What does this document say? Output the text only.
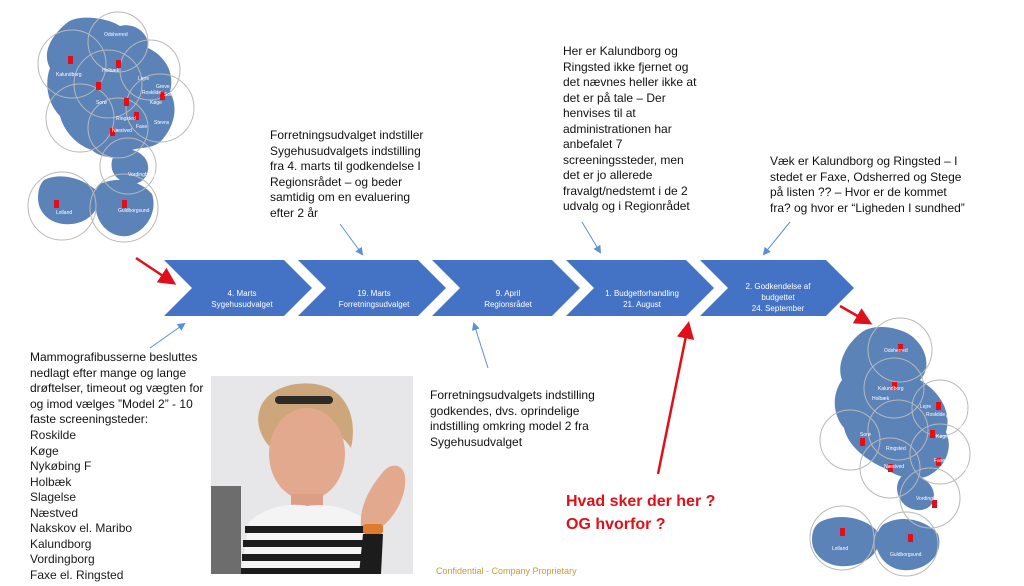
Odsherred
Kalundborg
Holbæk
Lejre
Roskilde
Greve
Sorø
Ringsted
Køge
Solrød
Næstved
Faxe
Stevns
Vordingborg
Lolland	Guldborgsund
Odsherred
Kalundborg
Holbæk
Lejre
Roskilde Greve
Sorø
Ringsted
Køge
Solrød
Næstved
Faxe
Stevns
Vordingborg
Lolland
Guldborgsund

4. Marts
Sygehusudvalget

19. Marts
Forretningsudvalget

9. April
Regionsrådet

1. Budgetforhandling
21. August

2. Godkendelse af
budgettet
24. September

Mammografibusserne besluttes
nedlagt efter mange og lange
drøftelser, timeout og vægten for
og imod vælges ”Model 2” - 10
faste screeningsteder:
Roskilde
Køge
Nykøbing F
Holbæk
Slagelse
Næstved
Nakskov el. Maribo
Kalundborg
Vordingborg
Faxe el. Ringsted
Forretningsudvalget indstiller
Sygehusudvalgets indstilling
fra 4. marts til godkendelse I
Regionsrådet – og beder
samtidig om en evaluering
efter 2 år
Forretningsudvalgets indstilling
godkendes, dvs. oprindelige
indstilling omkring model 2 fra
Sygehusudvalget
Her er Kalundborg og
Ringsted ikke fjernet og
det nævnes heller ikke at
det er på tale – Der
henvises til at
administrationen har
anbefalet 7
screeningssteder, men
det er jo allerede
fravalgt/nedstemt i de 2
udvalg og i Regionrådet
Væk er Kalundborg og Ringsted – I
stedet er Faxe, Odsherred og Stege
på listen ?? – Hvor er de kommet
fra? og hvor er “Ligheden I sundhed”
Hvad sker der her ?
OG hvorfor ?
Confidential - Company Proprietary
